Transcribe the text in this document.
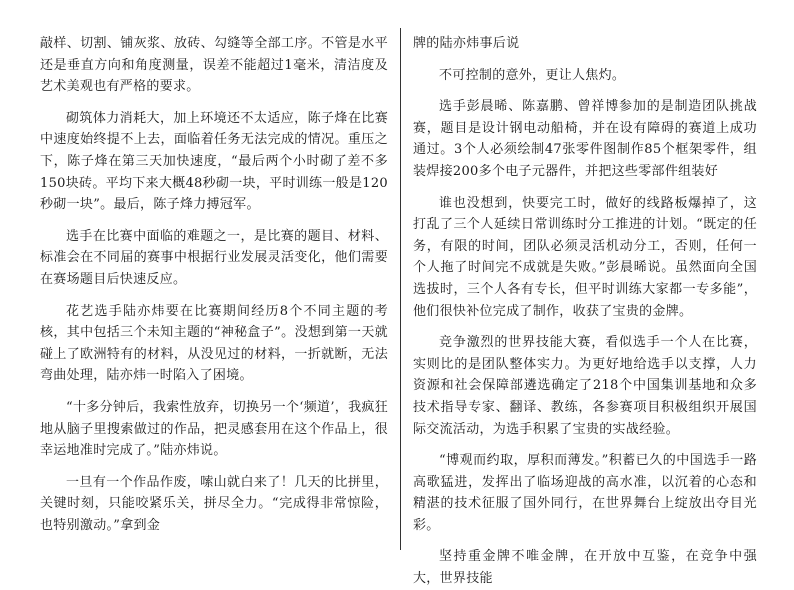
敲样、切割、铺灰浆、放砖、勾缝等全部工序。不管是水平还是垂直方向和角度测量，误差不能超过1毫米，清洁度及艺术美观也有严格的要求。

砌筑体力消耗大，加上环境还不太适应，陈子烽在比赛中速度始终提不上去，面临着任务无法完成的情况。重压之下，陈子烽在第三天加快速度，“最后两个小时砌了差不多150块砖。平均下来大概48秒砌一块，平时训练一般是120秒砌一块”。最后，陈子烽力搏冠军。

选手在比赛中面临的难题之一，是比赛的题目、材料、标准会在不同届的赛事中根据行业发展灵活变化，他们需要在赛场题目后快速反应。

花艺选手陆亦炜要在比赛期间经历8个不同主题的考核，其中包括三个未知主题的“神秘盒子”。没想到第一天就碰上了欧洲特有的材料，从没见过的材料，一折就断，无法弯曲处理，陆亦炜一时陷入了困境。

“十多分钟后，我索性放弃，切换另一个‘频道’，我疯狂地从脑子里搜索做过的作品，把灵感套用在这个作品上，很幸运地准时完成了。”陆亦炜说。

一旦有一个作品作废，嗦山就白来了！几天的比拼里，关键时刻，只能咬紧乐关，拼尽全力。“完成得非常惊险，也特别激动。”拿到金

牌的陆亦炜事后说

不可控制的意外，更让人焦灼。

选手彭晨晞、陈嘉鹏、曾祥博参加的是制造团队挑战赛，题目是设计钢电动船椅，并在设有障碍的赛道上成功通过。3个人必须绘制47张零件图制作85个框架零件，组装焊接200多个电子元器件，并把这些零部件组装好

谁也没想到，快要完工时，做好的线路板爆掉了，这打乱了三个人延续日常训练时分工推进的计划。“既定的任务，有限的时间，团队必须灵活机动分工，否则，任何一个人拖了时间完不成就是失败。”彭晨晞说。虽然面向全国选拔时，三个人各有专长，但平时训练大家都一专多能”，他们很快补位完成了制作，收获了宝贵的金牌。

竞争激烈的世界技能大赛，看似选手一个人在比赛，实则比的是团队整体实力。为更好地给选手以支撑，人力资源和社会保障部遴选确定了218个中国集训基地和众多技术指导专家、翻译、教练，各参赛项目积极组织开展国际交流活动，为选手积累了宝贵的实战经验。

“博观而约取，厚积而薄发。”积蓄已久的中国选手一路高歌猛进，发挥出了临场迎战的高水准，以沉着的心态和精湛的技术征服了国外同行，在世界舞台上绽放出夺目光彩。

坚持重金牌不唯金牌，在开放中互鉴，在竞争中强大，世界技能
